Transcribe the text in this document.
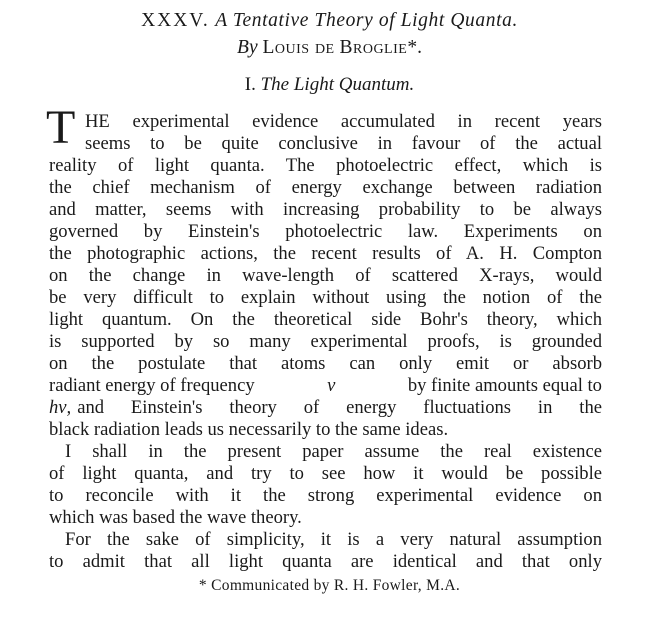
XXXV. A Tentative Theory of Light Quanta.
By Louis de Broglie*.
I. The Light Quantum.
T HE experimental evidence accumulated in recent years
seems to be quite conclusive in favour of the actual
reality of light quanta. The photoelectric effect, which is
the chief mechanism of energy exchange between radiation
and matter, seems with increasing probability to be always
governed by Einstein's photoelectric law. Experiments on
the photographic actions, the recent results of A. H. Compton
on the change in wave-length of scattered X-rays, would
be very difficult to explain without using the notion of the
light quantum. On the theoretical side Bohr's theory, which
is supported by so many experimental proofs, is grounded
on the postulate that atoms can only emit or absorb
radiant energy of frequency	ν	by finite amounts equal to
hν, and Einstein's theory of energy fluctuations in the
black radiation leads us necessarily to the same ideas.
I shall in the present paper assume the real existence
of light quanta, and try to see how it would be possible
to reconcile with it the strong experimental evidence on
which was based the wave theory.
For the sake of simplicity, it is a very natural assumption
to admit that all light quanta are identical and that only
* Communicated by R. H. Fowler, M.A.
